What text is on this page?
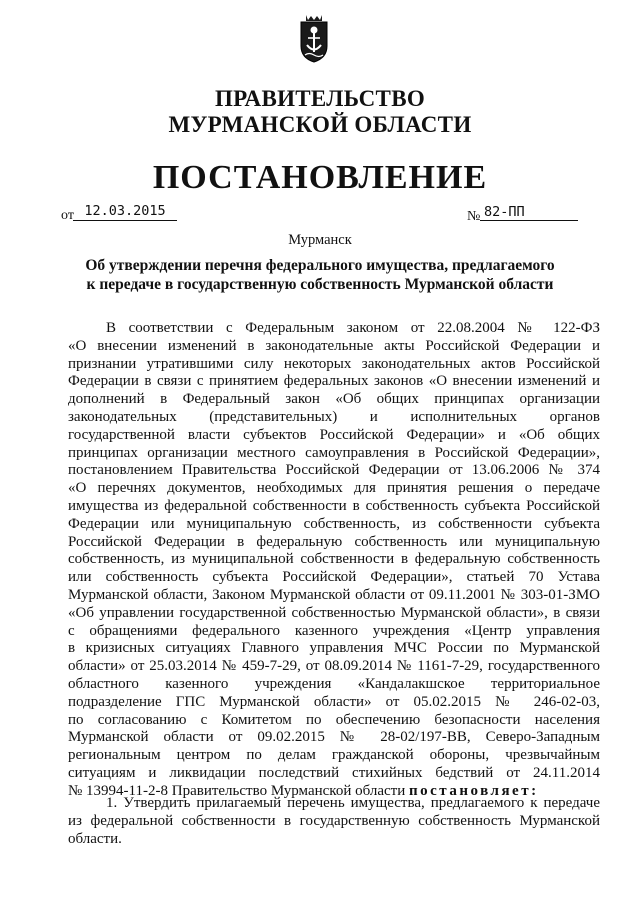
ПРАВИТЕЛЬСТВО
МУРМАНСКОЙ ОБЛАСТИ
ПОСТАНОВЛЕНИЕ
от 12.03.2015	№ 82-ПП
Мурманск
Об утверждении перечня федерального имущества, предлагаемого
к передаче в государственную собственность Мурманской области
В соответствии с Федеральным законом от 22.08.2004 № 122-ФЗ
«О внесении изменений в законодательные акты Российской Федерации и
признании утратившими силу некоторых законодательных актов Российской
Федерации в связи с принятием федеральных законов «О внесении изменений и
дополнений в Федеральный закон «Об общих принципах организации
законодательных (представительных) и исполнительных органов
государственной власти субъектов Российской Федерации» и «Об общих
принципах организации местного самоуправления в Российской Федерации»,
постановлением Правительства Российской Федерации от 13.06.2006 № 374
«О перечнях документов, необходимых для принятия решения о передаче
имущества из федеральной собственности в собственность субъекта Российской
Федерации или муниципальную собственность, из собственности субъекта
Российской Федерации в федеральную собственность или муниципальную
собственность, из муниципальной собственности в федеральную собственность
или собственность субъекта Российской Федерации», статьей 70 Устава
Мурманской области, Законом Мурманской области от 09.11.2001 № 303-01-ЗМО
«Об управлении государственной собственностью Мурманской области», в связи
с обращениями федерального казенного учреждения «Центр управления
в кризисных ситуациях Главного управления МЧС России по Мурманской
области» от 25.03.2014 № 459-7-29, от 08.09.2014 № 1161-7-29, государственного
областного казенного учреждения «Кандалакшское территориальное
подразделение ГПС Мурманской области» от 05.02.2015 № 246-02-03,
по согласованию с Комитетом по обеспечению безопасности населения
Мурманской области от 09.02.2015 № 28-02/197-ВВ, Северо-Западным
региональным центром по делам гражданской обороны, чрезвычайным
ситуациям и ликвидации последствий стихийных бедствий от 24.11.2014
№ 13994-11-2-8 Правительство Мурманской области постановляет:
1. Утвердить прилагаемый перечень имущества, предлагаемого к передаче
из федеральной собственности в государственную собственность Мурманской
области.
